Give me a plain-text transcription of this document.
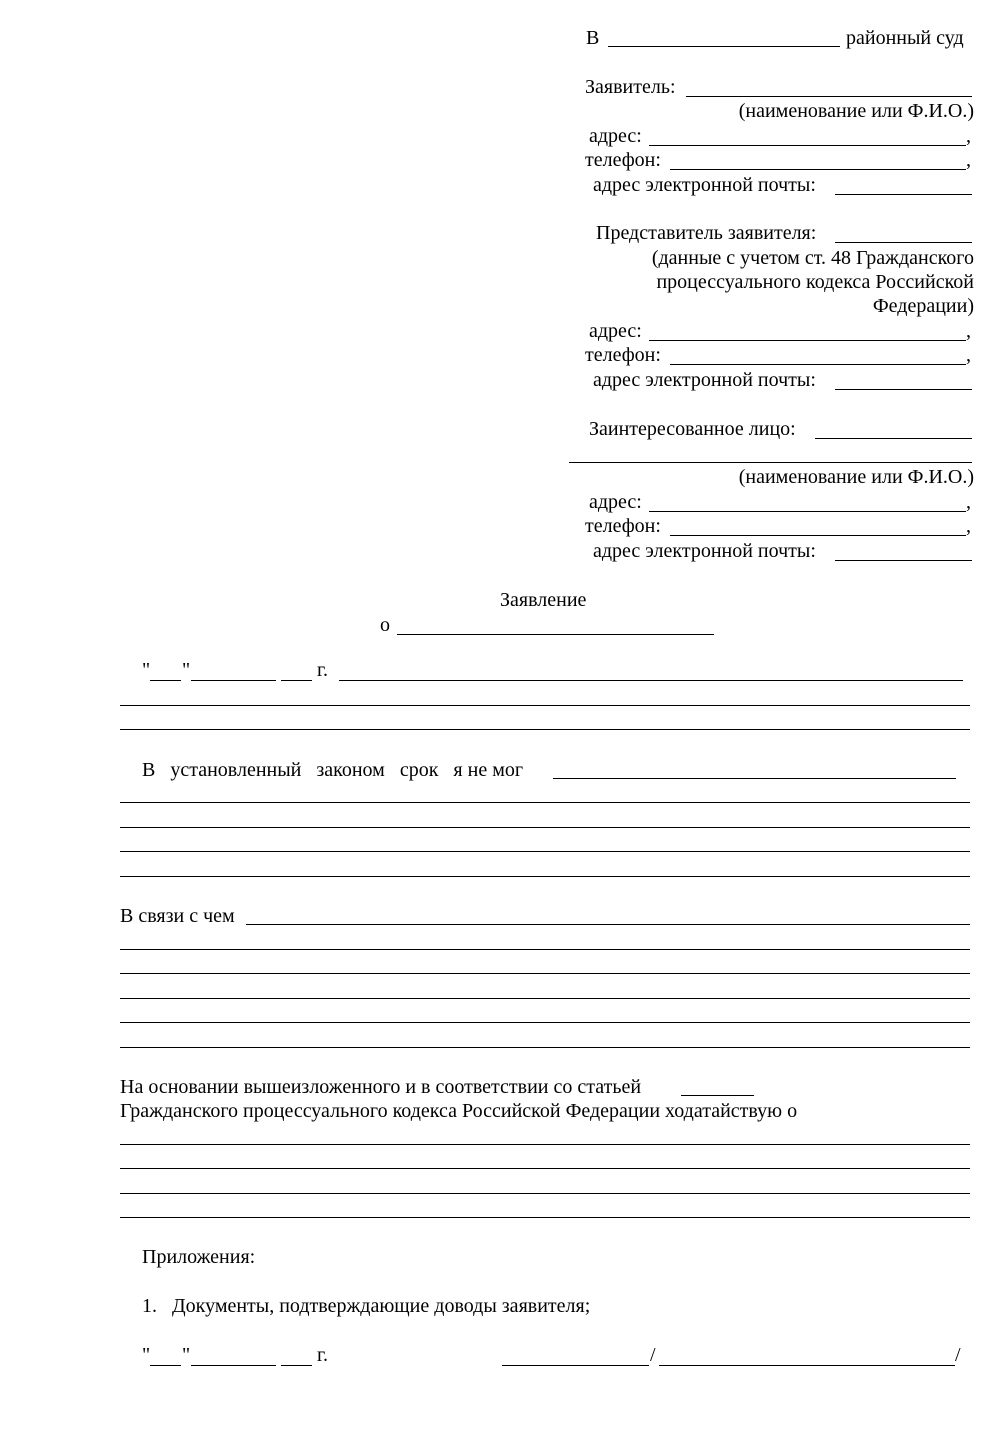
В	районный суд
Заявитель:
(наименование или Ф.И.О.)
адрес:	,
телефон:	,
адрес электронной почты:
Представитель заявителя:
(данные с учетом ст. 48 Гражданского
процессуального кодекса Российской
Федерации)
адрес:	,
телефон:	,
адрес электронной почты:
Заинтересованное лицо:
(наименование или Ф.И.О.)
адрес:	,
телефон:	,
адрес электронной почты:
Заявление
о
" "	г.
В   установленный   законом   срок   я не мог
В связи с чем
На основании вышеизложенного и в соответствии со статьей
Гражданского процессуального кодекса Российской Федерации ходатайствую о
Приложения:
1.   Документы, подтверждающие доводы заявителя;
" "	г.	/	/
